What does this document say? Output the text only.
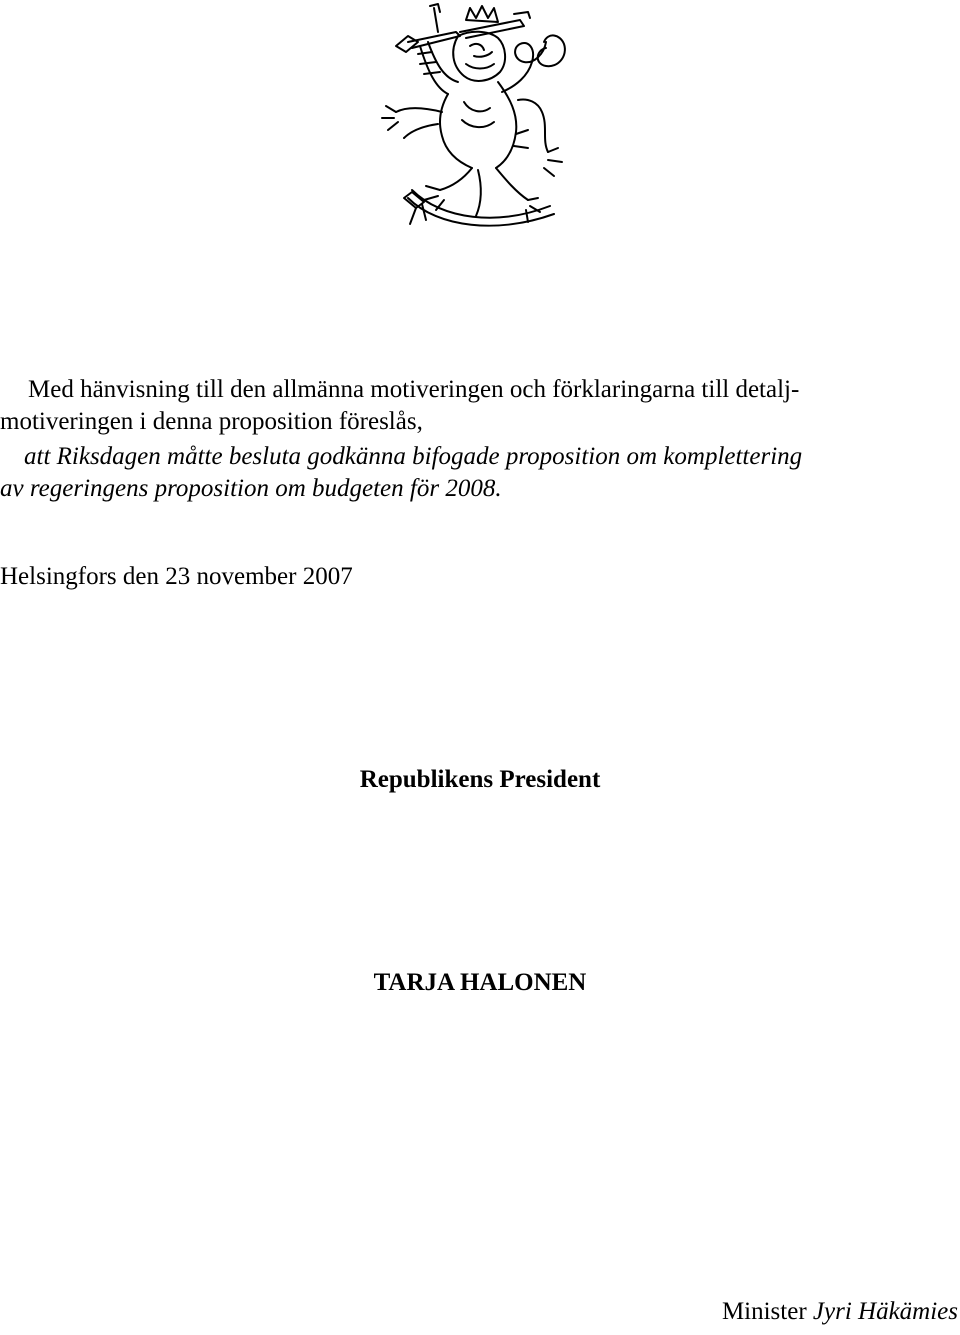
Med hänvisning till den allmänna motiveringen och förklaringarna till detalj-
motiveringen i denna proposition föreslås,
att Riksdagen måtte besluta godkänna bifogade proposition om komplettering
av regeringens proposition om budgeten för 2008.
Helsingfors den 23 november 2007
Republikens President
TARJA HALONEN
Minister Jyri Häkämies
